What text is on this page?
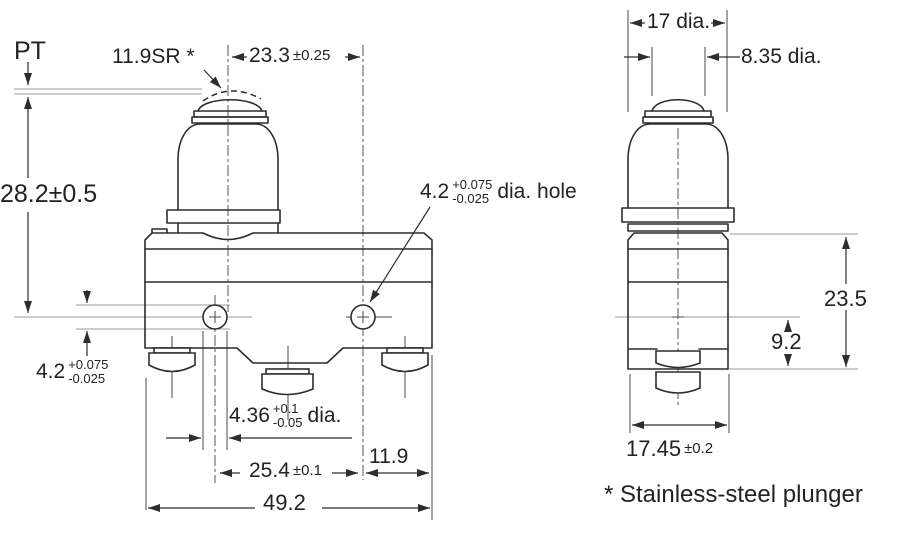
PT	11.9SR *	23.3 ±0.25
28.2±0.5	4.2 +0.075
-0.025 dia. hole
4.2 +0.075
-0.025
4.36 +0.1
-0.05 dia.
25.4 ±0.1
11.9
49.2
17 dia.
8.35 dia.
23.5
9.2
17.45 ±0.2
* Stainless-steel plunger
